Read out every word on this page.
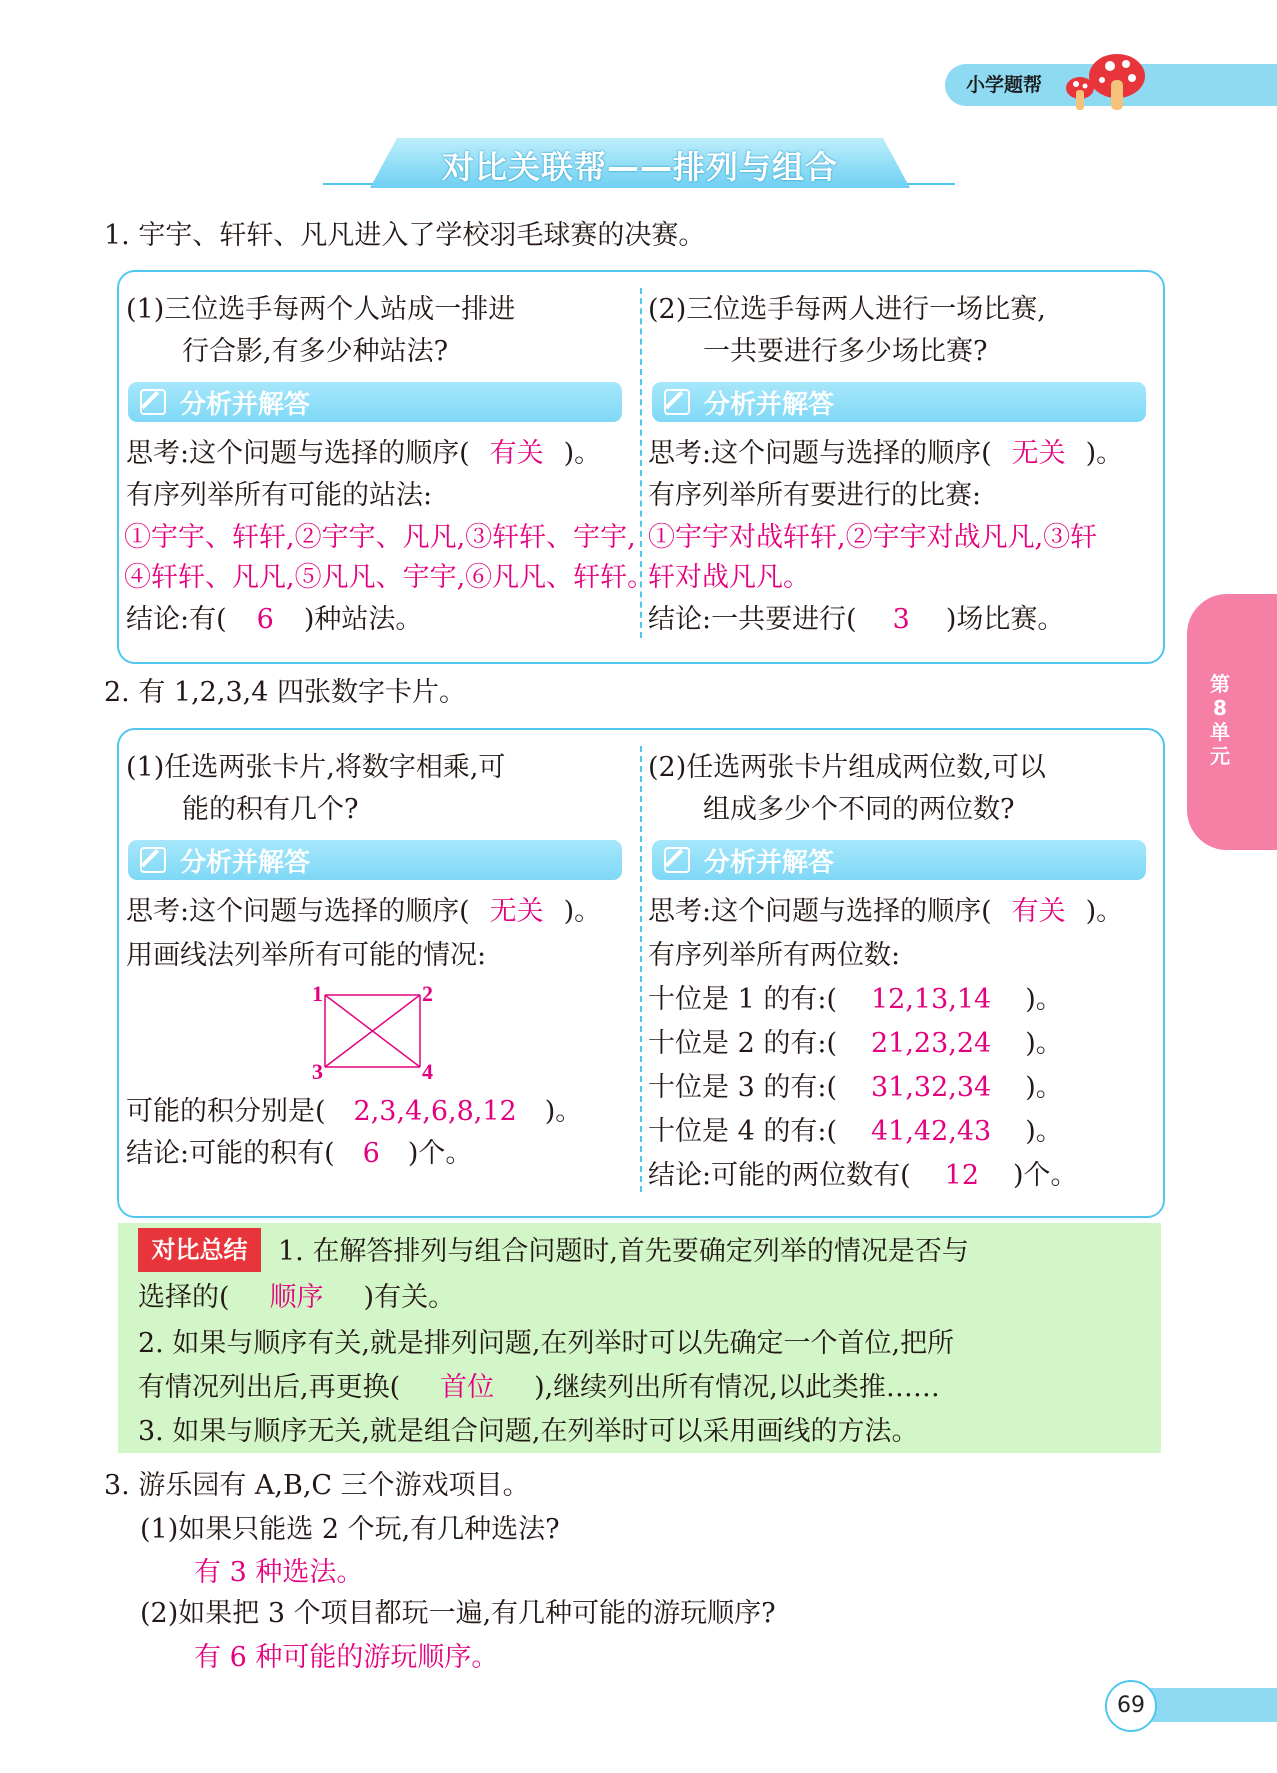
小学题帮
对比关联帮——排列与组合
1. 宇宇、轩轩、凡凡进入了学校羽毛球赛的决赛。
(1)三位选手每两个人站成一排进
行合影,有多少种站法?
分析并解答
思考:这个问题与选择的顺序( 有关 )。
有序列举所有可能的站法:
①宇宇、轩轩,②宇宇、凡凡,③轩轩、宇宇,
④轩轩、凡凡,⑤凡凡、宇宇,⑥凡凡、轩轩。
结论:有( 6 )种站法。
(2)三位选手每两人进行一场比赛,
一共要进行多少场比赛?
分析并解答
思考:这个问题与选择的顺序( 无关 )。
有序列举所有要进行的比赛:
①宇宇对战轩轩,②宇宇对战凡凡,③轩
轩对战凡凡。
结论:一共要进行( 3 )场比赛。
2. 有 1,2,3,4 四张数字卡片。
(1)任选两张卡片,将数字相乘,可
能的积有几个?
分析并解答
思考:这个问题与选择的顺序( 无关 )。
用画线法列举所有可能的情况:
1	2
3	4
可能的积分别是( 2,3,4,6,8,12 )。
结论:可能的积有( 6 )个。
(2)任选两张卡片组成两位数,可以
组成多少个不同的两位数?
分析并解答
思考:这个问题与选择的顺序( 有关 )。
有序列举所有两位数:
十位是 1 的有:( 12,13,14 )。
十位是 2 的有:( 21,23,24 )。
十位是 3 的有:( 31,32,34 )。
十位是 4 的有:( 41,42,43 )。
结论:可能的两位数有( 12 )个。
对比总结	1. 在解答排列与组合问题时,首先要确定列举的情况是否与
选择的( 顺序 )有关。
2. 如果与顺序有关,就是排列问题,在列举时可以先确定一个首位,把所
有情况列出后,再更换( 首位 ),继续列出所有情况,以此类推……
3. 如果与顺序无关,就是组合问题,在列举时可以采用画线的方法。
3. 游乐园有 A,B,C 三个游戏项目。
(1)如果只能选 2 个玩,有几种选法?
有 3 种选法。
(2)如果把 3 个项目都玩一遍,有几种可能的游玩顺序?
有 6 种可能的游玩顺序。
第
8
单
元
69
